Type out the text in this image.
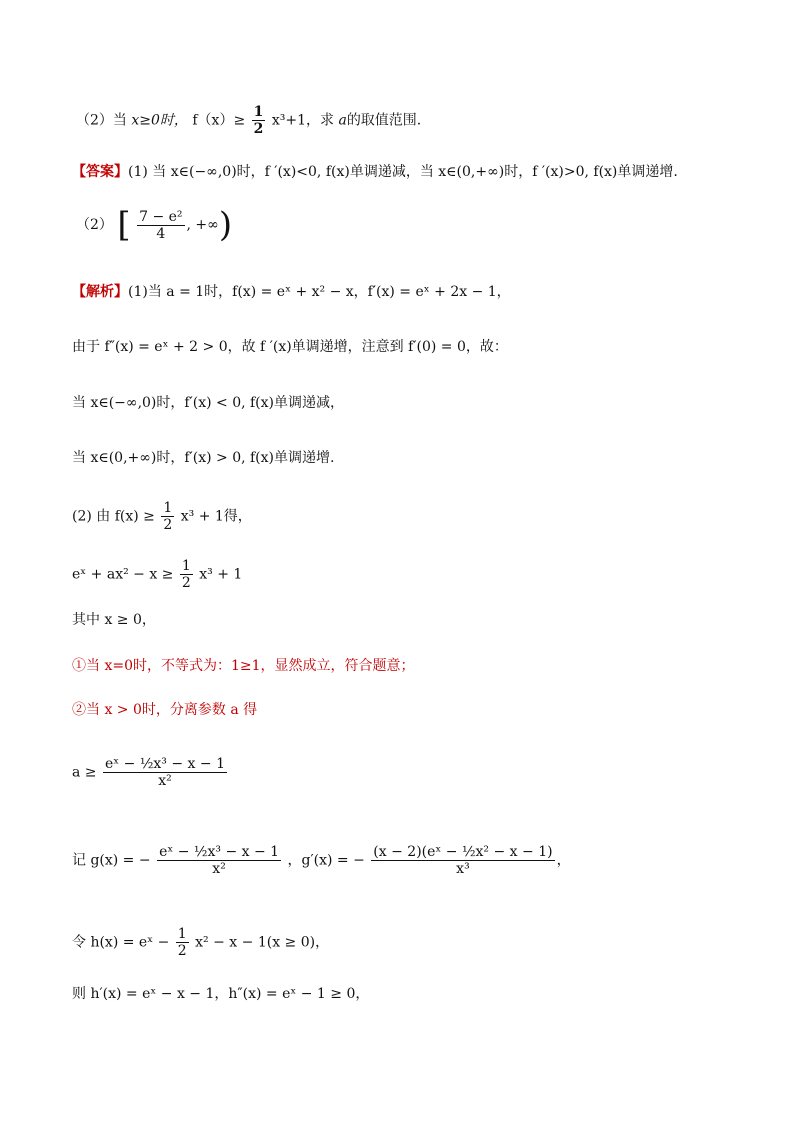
（2）当 x≥0时， $f(x)\ge \frac{1}{2} x^3+1$，求 a的取值范围.
【答案】(1) 当 x∈(−∞,0)时，f ′(x)<0, f(x)单调递减，当 x∈(0,+∞)时，f ′(x)>0, f(x)单调递增.
（2） [ $\frac{\text{7 − e²}}{4}$ , +∞)
【解析】(1)当 a = 1时，f(x) = eˣ + x² − x，f′(x) = eˣ + 2x − 1，
由于 f″(x) = eˣ + 2 > 0，故 f ′(x)单调递增，注意到 f′(0) = 0，故：
当 x∈(−∞,0)时，f′(x) < 0, f(x)单调递减，
当 x∈(0,+∞)时，f′(x) > 0, f(x)单调递增.
(2) 由 $f(x) \ge \frac{1}{2} x^3 + 1$得，
eˣ + $ax^2 - x \ge \frac{1}{2} x^3 + 1$
其中 x ≥ 0，
①当 x=0时，不等式为：1≥1，显然成立，符合题意；
②当 x > 0时，分离参数 a 得
$a \ge \frac{\text{eˣ − ½x³ − x − 1}}{\text{x²}}$
记 g(x) = − $\frac{\text{eˣ − ½x³ − x − 1}}{\text{x²}}$ ，g′(x) = − $\frac{\text{(x − 2)(eˣ − ½x² − x − 1)}}{\text{x³}}$ ，
令 h(x) = eˣ − $\frac{1}{2} x^2 - x - 1(x \ge 0)$，
则 h′(x) = eˣ − x − 1，h″(x) = eˣ − 1 ≥ 0，
